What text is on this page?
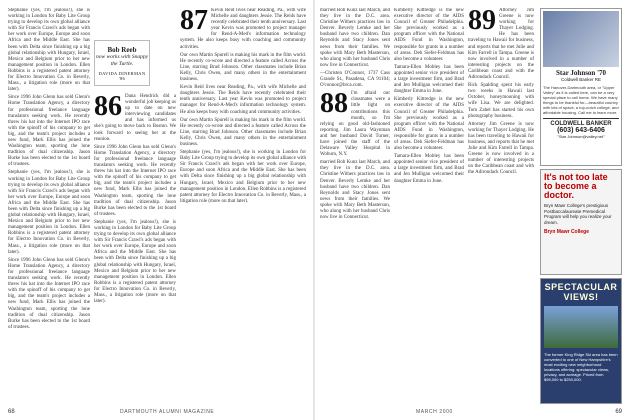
Stephanie (yes, I'm jealous!), she is working in London for Baby Lite Group trying to develop its own global alliance with Sir Francis Crawl's ads began with her work over Europe, Europe and soon Africa and the Middle East. She has been with Delta since finishing up a big global relationship with Hungary, Israel, Mexico and Belgium prior to her new management position in London. Ellen Robbins is a registered patent attorney for Electro Innovation Co. in Beverly, Mass., a litigation role (more on that later).

Since 1996 John Glenn has sold Glenn's Home Translation Agency, a directory for professional freelance language translators seeking work. He recently threw his hat into the Internet IPO race with the spinoff of his company to get big, and the team's project includes a new fund, Mark Ellis has joined the Washington team, sporting the lone tradition of dual citizenship. Jason Burke has been elected to the 1st board of trustees.

Stephanie (yes, I'm jealous!), she is working in London for Baby Lite Group trying to develop its own global alliance with Sir Francis Crawl's ads began with her work over Europe, Europe and soon Africa and the Middle East. She has been with Delta since finishing up a big global relationship with Hungary, Israel, Mexico and Belgium prior to her new management position in London. Ellen Robbins is a registered patent attorney for Electro Innovation Co. in Beverly, Mass., a litigation role (more on that later).

Since 1996 John Glenn has sold Glenn's Home Translation Agency, a directory for professional freelance language translators seeking work. He recently threw his hat into the Internet IPO race with the spinoff of his company to get big, and the team's project includes a new fund, Mark Ellis has joined the Washington team, sporting the lone tradition of dual citizenship. Jason Burke has been elected to the 1st board of trustees.

86 Dana Hendrick did a wonderful job keeping us up to date on new interviewing candidates and has informed us she's going to move back to Boston. We look forward to seeing her at the reunion.

Since 1996 John Glenn has sold Glenn's Home Translation Agency, a directory for professional freelance language translators seeking work. He recently threw his hat into the Internet IPO race with the spinoff of his company to get big, and the team's project includes a new fund, Mark Ellis has joined the Washington team, sporting the lone tradition of dual citizenship. Jason Burke has been elected to the 1st board of trustees.

Stephanie (yes, I'm jealous!), she is working in London for Baby Lite Group trying to develop its own global alliance with Sir Francis Crawl's ads began with her work over Europe, Europe and soon Africa and the Middle East. She has been with Delta since finishing up a big global relationship with Hungary, Israel, Mexico and Belgium prior to her new management position in London. Ellen Robbins is a registered patent attorney for Electro Innovation Co. in Beverly, Mass., a litigation role (more on that later).

Bob Reeb
now works with Snappy the Turtle.
DAVIDA DINERMAN '86
87 Kevin Reid lives near Reading, Pa., with wife Michelle and daughters Jessie. The Reids have recently celebrated their tenth anniversary. Last year Kevin was promoted to project manager for Rend-A-Med's information technology system. He also keeps busy with coaching and community activities.

Our own Martin Spurell is making his mark in the film world. He recently co-wrote and directed a feature called Across the Line, starring Brad Johnson. Other classmates include Brian Kelly, Chris Owen, and many others in the entertainment business.

Kevin Reid lives near Reading, Pa., with wife Michelle and daughters Jessie. The Reids have recently celebrated their tenth anniversary. Last year Kevin was promoted to project manager for Rend-A-Med's information technology system. He also keeps busy with coaching and community activities.

Our own Martin Spurell is making his mark in the film world. He recently co-wrote and directed a feature called Across the Line, starring Brad Johnson. Other classmates include Brian Kelly, Chris Owen, and many others in the entertainment business.

Stephanie (yes, I'm jealous!), she is working in London for Baby Lite Group trying to develop its own global alliance with Sir Francis Crawl's ads began with her work over Europe, Europe and soon Africa and the Middle East. She has been with Delta since finishing up a big global relationship with Hungary, Israel, Mexico and Belgium prior to her new management position in London. Ellen Robbins is a registered patent attorney for Electro Innovation Co. in Beverly, Mass., a litigation role (more on that later).

68	DARTMOUTH ALUMNI MAGAZINE

married Bob Kunz last March, and they live in the D.C. area. Christine Withers practices law in Denver. Beverly Lemke and her husband have two children. Dan Reynolds and Stacy Jones sent news from their families. We spoke with Mary Beth Masterson, who along with her husband Chris now live in Connecticut.

—Christen O'Connor, 1737 Cass Grande St., Pasadena, CA 91104; O'connor@brca.com.

88 I'm afraid our classmates were a little light on contributions this month, so I'm relying on good old-fashioned reporting. Jim Laura Waynman and her husband David Turner, have joined the staff of the Delaware Valley Hospital in Woburn, N.Y.

married Bob Kunz last March, and they live in the D.C. area. Christine Withers practices law in Denver. Beverly Lemke and her husband have two children. Dan Reynolds and Stacy Jones sent news from their families. We spoke with Mary Beth Masterson, who along with her husband Chris now live in Connecticut.

Kimberly Kittredge is the new executive director of the AIDS Council of Greater Philadelphia. She previously worked as a program officer with the National AIDS Fund in Washington, responsible for grants in a number of areas. Deb Siefer-Feldman has also become a volunteer.

Tamara-Ellen Mobley has been appointed senior vice president of a large investment firm, and Brad and Jen Mulligan welcomed their daughter Emma in June.

Kimberly Kittredge is the new executive director of the AIDS Council of Greater Philadelphia. She previously worked as a program officer with the National AIDS Fund in Washington, responsible for grants in a number of areas. Deb Siefer-Feldman has also become a volunteer.

Tamara-Ellen Mobley has been appointed senior vice president of a large investment firm, and Brad and Jen Mulligan welcomed their daughter Emma in June.

89 Attorney Jim Greene is now working for Thayer Lodging. He has been traveling to Hawaii for business, and reports that he met Julie and Kim Farrell in Tampa. Greene is now involved in a number of interesting projects on the Caribbean coast and with the Adirondack Council.

Rick Spalding spent his early two weeks in Hawaii last October, honeymooning with wife Lisa. We are delighted. Tom Zabel has started his own photography business.

Attorney Jim Greene is now working for Thayer Lodging. He has been traveling to Hawaii for business, and reports that he met Julie and Kim Farrell in Tampa. Greene is now involved in a number of interesting projects on the Caribbean coast and with the Adirondack Council.

MARCH 2000	69
Star Johnson '70
Coldwell Banker RE
The Hanover-Dartmouth area, or "Upper Valley" as it is called here, can be a very special place to call home. We have many things to be thankful for—beautiful country with lots of space, a top-notch college, and affordable housing. Call me to learn more.
COLDWELL BANKER
(603) 643-6406
"Star Johnson@valley.net"
It's not too late to become a doctor.
Bryn Mawr College's prestigious Postbaccalaureate Premedical Program will help you realize your dream.
Bryn Mawr College
SPECTACULAR VIEWS!
The former King Ridge Ski area has been converted to one of New Hampshire's most exciting new neighborhood locations offering: spectacular views, privacy, and acreage. Priced from $95,000 to $250,000.
